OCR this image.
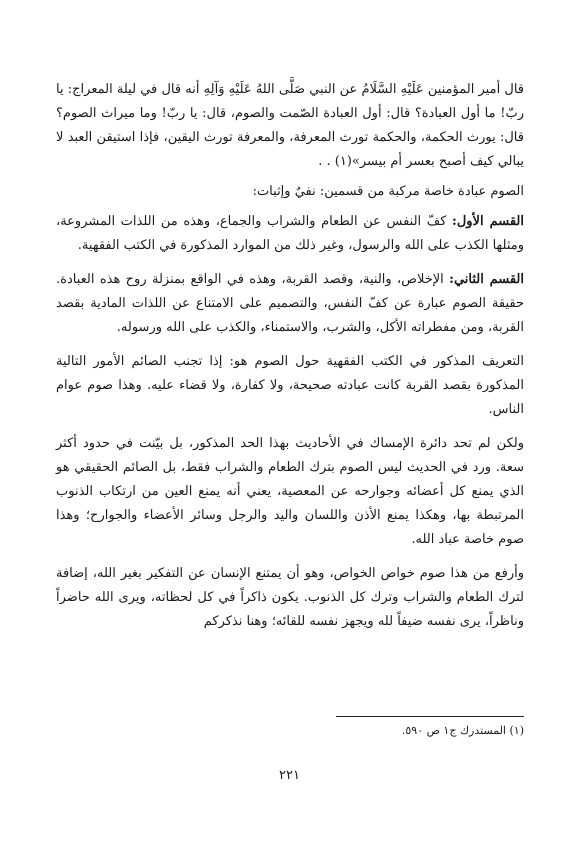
قال أمير المؤمنين عَلَيْهِ السَّلَامُ عن النبي صَلَّى اللهُ عَلَيْهِ وَآلِهِ أنه قال في ليلة المعراج: يا ربّ! ما أول العبادة؟ قال: أول العبادة الصّمت والصوم، قال: يا ربّ! وما ميراث الصوم؟ قال: يورث الحكمة، والحكمة تورث المعرفة، والمعرفة تورث اليقين، فإذا استيقن العبد لا يبالي كيف أصبح بعسر أم بيسر»(١) . .

الصوم عبادة خاصة مركبة من قسمين: نفيٌ وإثبات:

القسم الأول: كفّ النفس عن الطعام والشراب والجماع، وهذه من اللذات المشروعة، ومثلها الكذب على الله والرسول، وغير ذلك من الموارد المذكورة في الكتب الفقهية.

القسم الثاني: الإخلاص، والنية، وقصد القربة، وهذه في الواقع بمنزلة روح هذه العبادة. حقيقة الصوم عبارة عن كفّ النفس، والتصميم على الامتناع عن اللذات المادية بقصد القربة، ومن مفطراته الأكل، والشرب، والاستمناء، والكذب على الله ورسوله.

التعريف المذكور في الكتب الفقهية حول الصوم هو: إذا تجنب الصائم الأمور التالية المذكورة بقصد القربة كانت عبادته صحيحة، ولا كفارة، ولا قضاء عليه. وهذا صوم عوام الناس.

ولكن لم تحد دائرة الإمساك في الأحاديث بهذا الحد المذكور، بل بيّنت في حدود أكثر سعة. ورد في الحديث ليس الصوم بترك الطعام والشراب فقط، بل الصائم الحقيقي هو الذي يمنع كل أعضائه وجوارحه عن المعصية، يعني أنه يمنع العين من ارتكاب الذنوب المرتبطة بها، وهكذا يمنع الأذن واللسان واليد والرجل وسائر الأعضاء والجوارح؛ وهذا صوم خاصة عباد الله.

وأرفع من هذا صوم خواص الخواص، وهو أن يمتنع الإنسان عن التفكير بغير الله، إضافة لترك الطعام والشراب وترك كل الذنوب. يكون ذاكراً في كل لحظاته، ويرى الله حاضراً وناظراً، يرى نفسه ضيفاً لله ويجهز نفسه للقائه؛ وهنا نذكركم

(١) المستدرك ج١ ص ٥٩٠.
٢٢١
